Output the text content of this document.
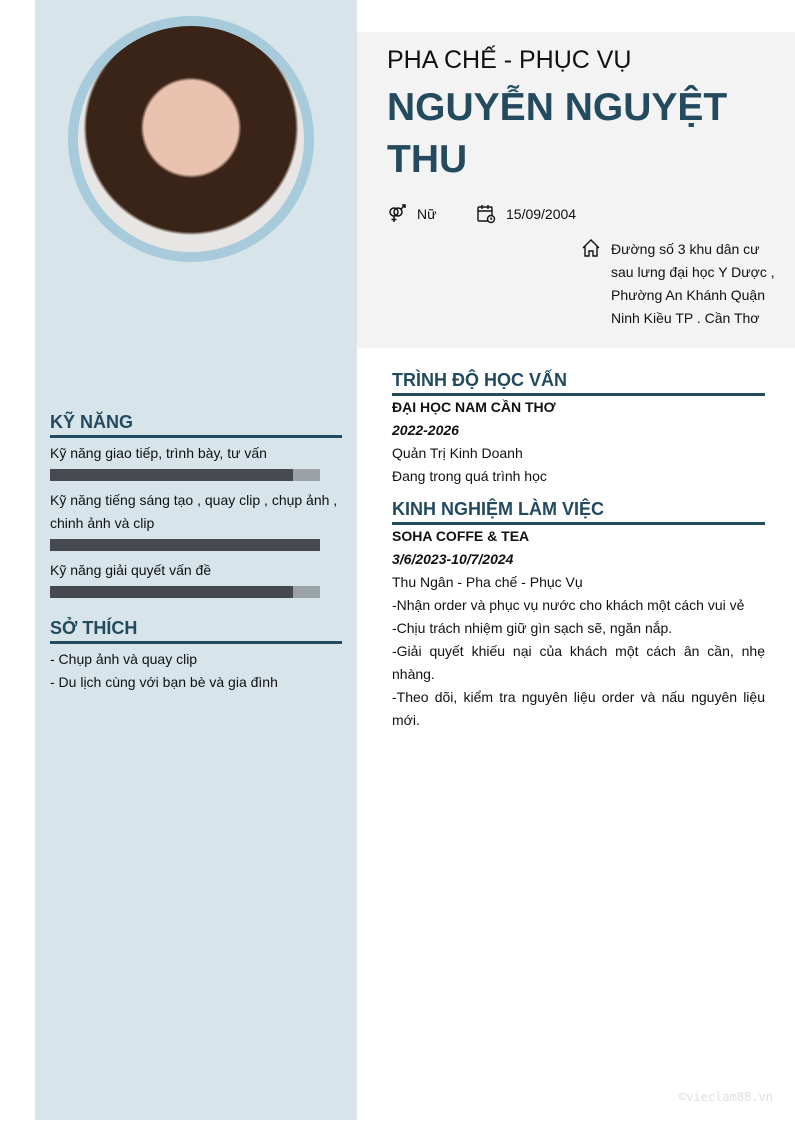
PHA CHẾ - PHỤC VỤ
NGUYỄN NGUYỆT THU
Nữ	15/09/2004
Đường số 3 khu dân cư sau lưng đại học Y Dược , Phường An Khánh Quận Ninh Kiều TP . Cần Thơ
KỸ NĂNG

Kỹ năng giao tiếp, trình bày, tư vấn

Kỹ năng tiếng sáng tạo , quay clip , chụp ảnh , chinh ảnh và clip

Kỹ năng giải quyết vấn đề

SỞ THÍCH

- Chụp ảnh và quay clip

- Du lịch cùng với bạn bè và gia đình

TRÌNH ĐỘ HỌC VẤN

ĐẠI HỌC NAM CẦN THƠ

2022-2026

Quản Trị Kinh Doanh

Đang trong quá trình học

KINH NGHIỆM LÀM VIỆC

SOHA COFFE & TEA

3/6/2023-10/7/2024

Thu Ngân - Pha chế - Phục Vụ

-Nhận order và phục vụ nước cho khách một cách vui vẻ

-Chịu trách nhiệm giữ gìn sạch sẽ, ngăn nắp.

-Giải quyết khiếu nại của khách một cách ân cần, nhẹ nhàng.

-Theo dõi, kiểm tra nguyên liệu order và nấu nguyên liệu mới.

©vieclam88.vn
